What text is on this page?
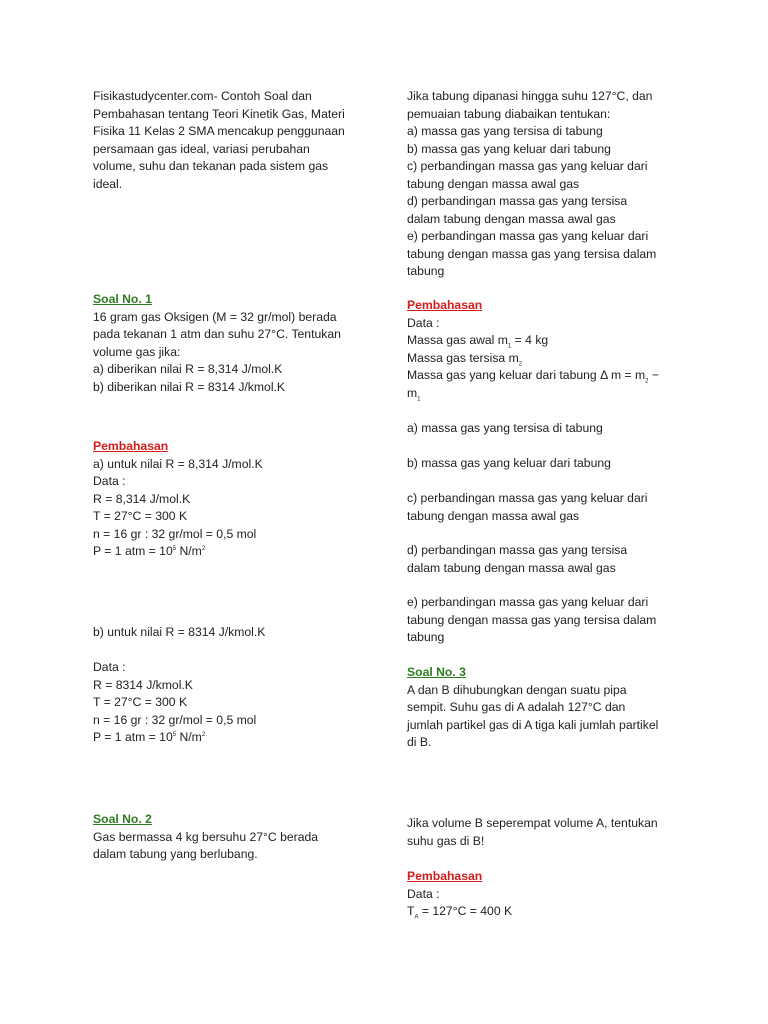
Fisikastudycenter.com- Contoh Soal dan
Pembahasan tentang Teori Kinetik Gas, Materi
Fisika 11 Kelas 2 SMA mencakup penggunaan
persamaan gas ideal, variasi perubahan
volume, suhu dan tekanan pada sistem gas
ideal.
Soal No. 1
16 gram gas Oksigen (M = 32 gr/mol) berada
pada tekanan 1 atm dan suhu 27°C. Tentukan
volume gas jika:
a) diberikan nilai R = 8,314 J/mol.K
b) diberikan nilai R = 8314 J/kmol.K
Pembahasan
a) untuk nilai R = 8,314 J/mol.K
Data :
R = 8,314 J/mol.K
T = 27°C = 300 K
n = 16 gr : 32 gr/mol = 0,5 mol
P = 1 atm = $10^5$ $N/m^2$
b) untuk nilai R = 8314 J/kmol.K
Data :
R = 8314 J/kmol.K
T = 27°C = 300 K
n = 16 gr : 32 gr/mol = 0,5 mol
P = 1 atm = $10^5$ $N/m^2$
Soal No. 2
Gas bermassa 4 kg bersuhu 27°C berada
dalam tabung yang berlubang.
Jika tabung dipanasi hingga suhu 127°C, dan
pemuaian tabung diabaikan tentukan:
a) massa gas yang tersisa di tabung
b) massa gas yang keluar dari tabung
c) perbandingan massa gas yang keluar dari
tabung dengan massa awal gas
d) perbandingan massa gas yang tersisa
dalam tabung dengan massa awal gas
e) perbandingan massa gas yang keluar dari
tabung dengan massa gas yang tersisa dalam
tabung
Pembahasan
Data :
Massa gas awal $m_1 = 4$ kg
Massa gas tersisa $m_2$
Massa gas yang keluar dari tabung Δ $m = m_2$ −
$m_1$
a) massa gas yang tersisa di tabung
b) massa gas yang keluar dari tabung
c) perbandingan massa gas yang keluar dari
tabung dengan massa awal gas
d) perbandingan massa gas yang tersisa
dalam tabung dengan massa awal gas
e) perbandingan massa gas yang keluar dari
tabung dengan massa gas yang tersisa dalam
tabung
Soal No. 3
A dan B dihubungkan dengan suatu pipa
sempit. Suhu gas di A adalah 127°C dan
jumlah partikel gas di A tiga kali jumlah partikel
di B.
Jika volume B seperempat volume A, tentukan
suhu gas di B!
Pembahasan
Data :
$T_A = 127^\circ C = 400$ K
